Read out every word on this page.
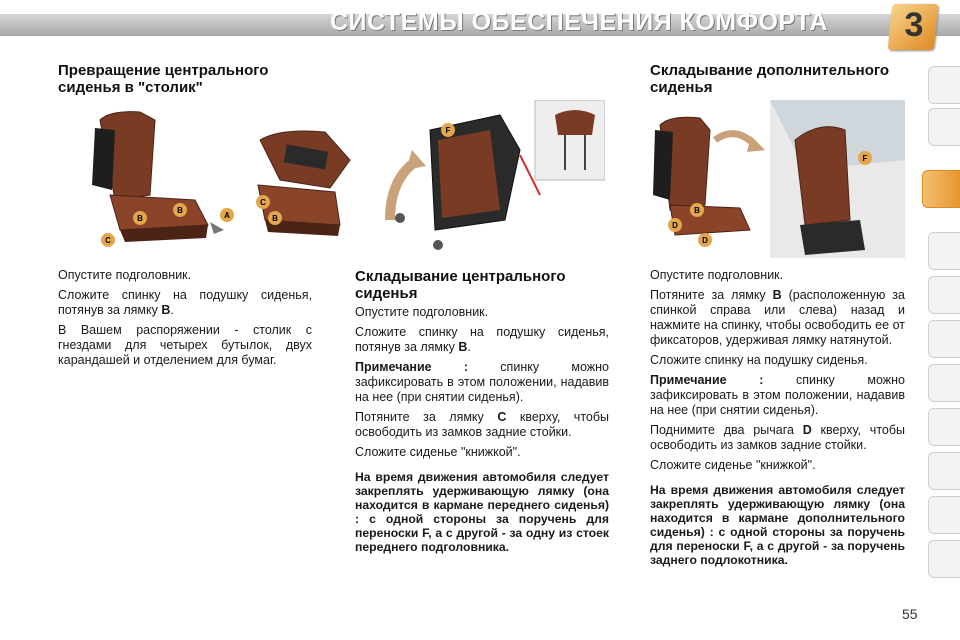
СИСТЕМЫ ОБЕСПЕЧЕНИЯ КОМФОРТА 3
Превращение центрального сиденья в "столик"
Складывание дополнительного сиденья
B
B
A
C
C
B
F
B
D
D
F

Опустите подголовник.

Сложите спинку на подушку сиденья, потянув за лямку B.

В Вашем распоряжении - столик с гнездами для четырех бутылок, двух карандашей и отделением для бумаг.

Складывание центрального сиденья

Опустите подголовник.

Сложите спинку на подушку сиденья, потянув за лямку B.

Примечание : спинку можно зафиксировать в этом положении, надавив на нее (при снятии сиденья).

Потяните за лямку C кверху, чтобы освободить из замков задние стойки.

Сложите сиденье "книжкой".

На время движения автомобиля следует закреплять удерживающую лямку (она находится в кармане переднего сиденья) : с одной стороны за поручень для переноски F, а с другой - за одну из стоек переднего подголовника.

Опустите подголовник.

Потяните за лямку B (расположенную за спинкой справа или слева) назад и нажмите на спинку, чтобы освободить ее от фиксаторов, удерживая лямку натянутой.

Сложите спинку на подушку сиденья.

Примечание : спинку можно зафиксировать в этом положении, надавив на нее (при снятии сиденья).

Поднимите два рычага D кверху, чтобы освободить из замков задние стойки.

Сложите сиденье "книжкой".

На время движения автомобиля следует закреплять удерживающую лямку (она находится в кармане дополнительного сиденья) : с одной стороны за поручень для переноски F, а с другой - за поручень заднего подлокотника.

55
